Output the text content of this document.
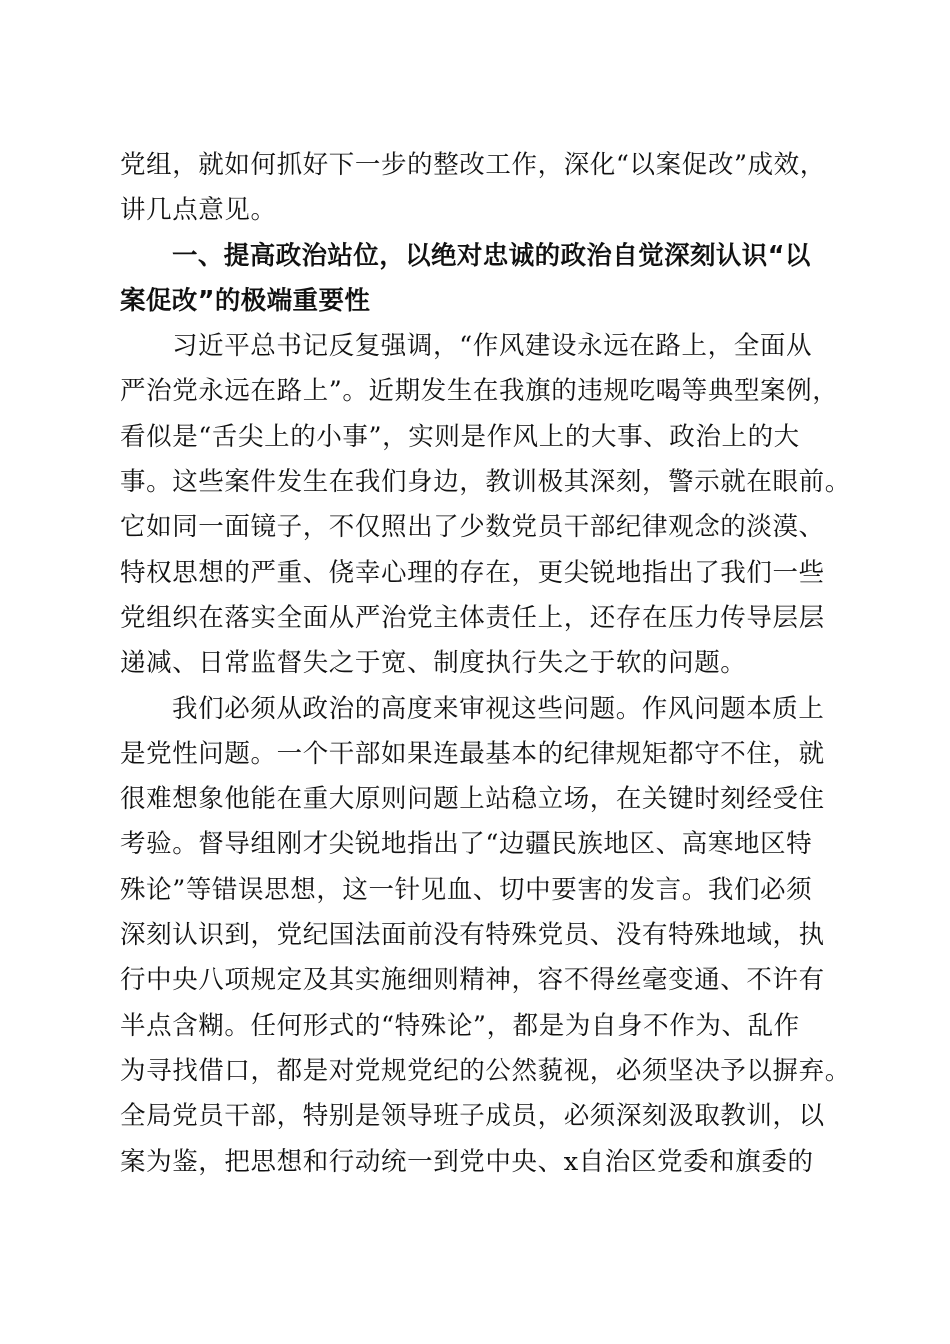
党组，就如何抓好下一步的整改工作，深化“以案促改”成效，
讲几点意见。
一、提高政治站位，以绝对忠诚的政治自觉深刻认识“以
案促改”的极端重要性
习近平总书记反复强调，“作风建设永远在路上，全面从
严治党永远在路上”。近期发生在我旗的违规吃喝等典型案例，
看似是“舌尖上的小事”，实则是作风上的大事、政治上的大
事。这些案件发生在我们身边，教训极其深刻，警示就在眼前。
它如同一面镜子，不仅照出了少数党员干部纪律观念的淡漠、
特权思想的严重、侥幸心理的存在，更尖锐地指出了我们一些
党组织在落实全面从严治党主体责任上，还存在压力传导层层
递减、日常监督失之于宽、制度执行失之于软的问题。
我们必须从政治的高度来审视这些问题。作风问题本质上
是党性问题。一个干部如果连最基本的纪律规矩都守不住，就
很难想象他能在重大原则问题上站稳立场，在关键时刻经受住
考验。督导组刚才尖锐地指出了“边疆民族地区、高寒地区特
殊论”等错误思想，这一针见血、切中要害的发言。我们必须
深刻认识到，党纪国法面前没有特殊党员、没有特殊地域，执
行中央八项规定及其实施细则精神，容不得丝毫变通、不许有
半点含糊。任何形式的“特殊论”，都是为自身不作为、乱作
为寻找借口，都是对党规党纪的公然藐视，必须坚决予以摒弃。
全局党员干部，特别是领导班子成员，必须深刻汲取教训，以
案为鉴，把思想和行动统一到党中央、x自治区党委和旗委的
